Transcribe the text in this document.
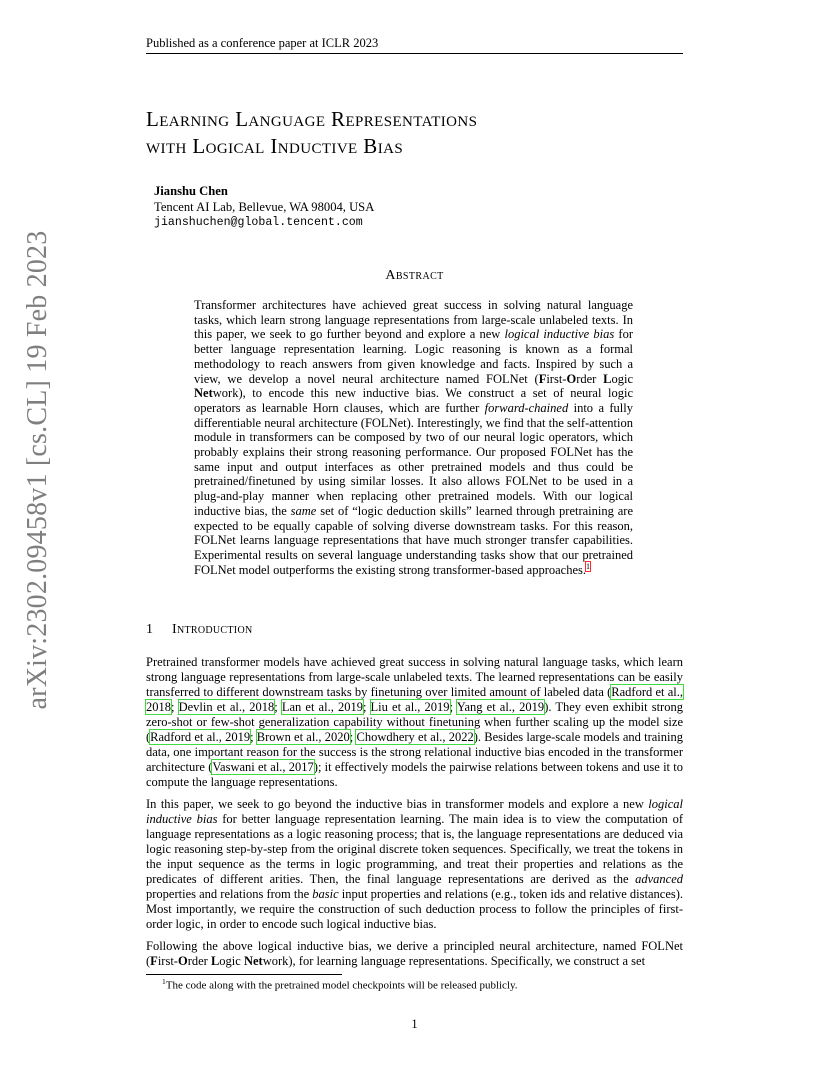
Published as a conference paper at ICLR 2023
arXiv:2302.09458v1 [cs.CL] 19 Feb 2023
Learning Language Representations
with Logical Inductive Bias
Jianshu Chen
Tencent AI Lab, Bellevue, WA 98004, USA
jianshuchen@global.tencent.com
Abstract
Transformer architectures have achieved great success in solving natural language tasks, which learn strong language representations from large-scale unlabeled texts. In this paper, we seek to go further beyond and explore a new logical inductive bias for better language representation learning. Logic reasoning is known as a formal methodology to reach answers from given knowledge and facts. Inspired by such a view, we develop a novel neural architecture named FOLNet (First-Order Logic Network), to encode this new inductive bias. We construct a set of neural logic operators as learnable Horn clauses, which are further forward-chained into a fully differentiable neural architecture (FOLNet). Interestingly, we find that the self-attention module in transformers can be composed by two of our neural logic operators, which probably explains their strong reasoning performance. Our proposed FOLNet has the same input and output interfaces as other pretrained models and thus could be pretrained/finetuned by using similar losses. It also allows FOLNet to be used in a plug-and-play manner when replacing other pretrained models. With our logical inductive bias, the same set of “logic deduction skills” learned through pretraining are expected to be equally capable of solving diverse downstream tasks. For this reason, FOLNet learns language representations that have much stronger transfer capabilities. Experimental results on several language understanding tasks show that our pretrained FOLNet model outperforms the existing strong transformer-based approaches.$^1$
1 Introduction
Pretrained transformer models have achieved great success in solving natural language tasks, which learn strong language representations from large-scale unlabeled texts. The learned representations can be easily transferred to different downstream tasks by finetuning over limited amount of labeled data (Radford et al., 2018; Devlin et al., 2018; Lan et al., 2019; Liu et al., 2019; Yang et al., 2019). They even exhibit strong zero-shot or few-shot generalization capability without finetuning when further scaling up the model size (Radford et al., 2019; Brown et al., 2020; Chowdhery et al., 2022). Besides large-scale models and training data, one important reason for the success is the strong relational inductive bias encoded in the transformer architecture (Vaswani et al., 2017); it effectively models the pairwise relations between tokens and use it to compute the language representations.
In this paper, we seek to go beyond the inductive bias in transformer models and explore a new logical inductive bias for better language representation learning. The main idea is to view the computation of language representations as a logic reasoning process; that is, the language representations are deduced via logic reasoning step-by-step from the original discrete token sequences. Specifically, we treat the tokens in the input sequence as the terms in logic programming, and treat their properties and relations as the predicates of different arities. Then, the final language representations are derived as the advanced properties and relations from the basic input properties and relations (e.g., token ids and relative distances). Most importantly, we require the construction of such deduction process to follow the principles of first-order logic, in order to encode such logical inductive bias.
Following the above logical inductive bias, we derive a principled neural architecture, named FOLNet (First-Order Logic Network), for learning language representations. Specifically, we construct a set
$^1$The code along with the pretrained model checkpoints will be released publicly.
1
